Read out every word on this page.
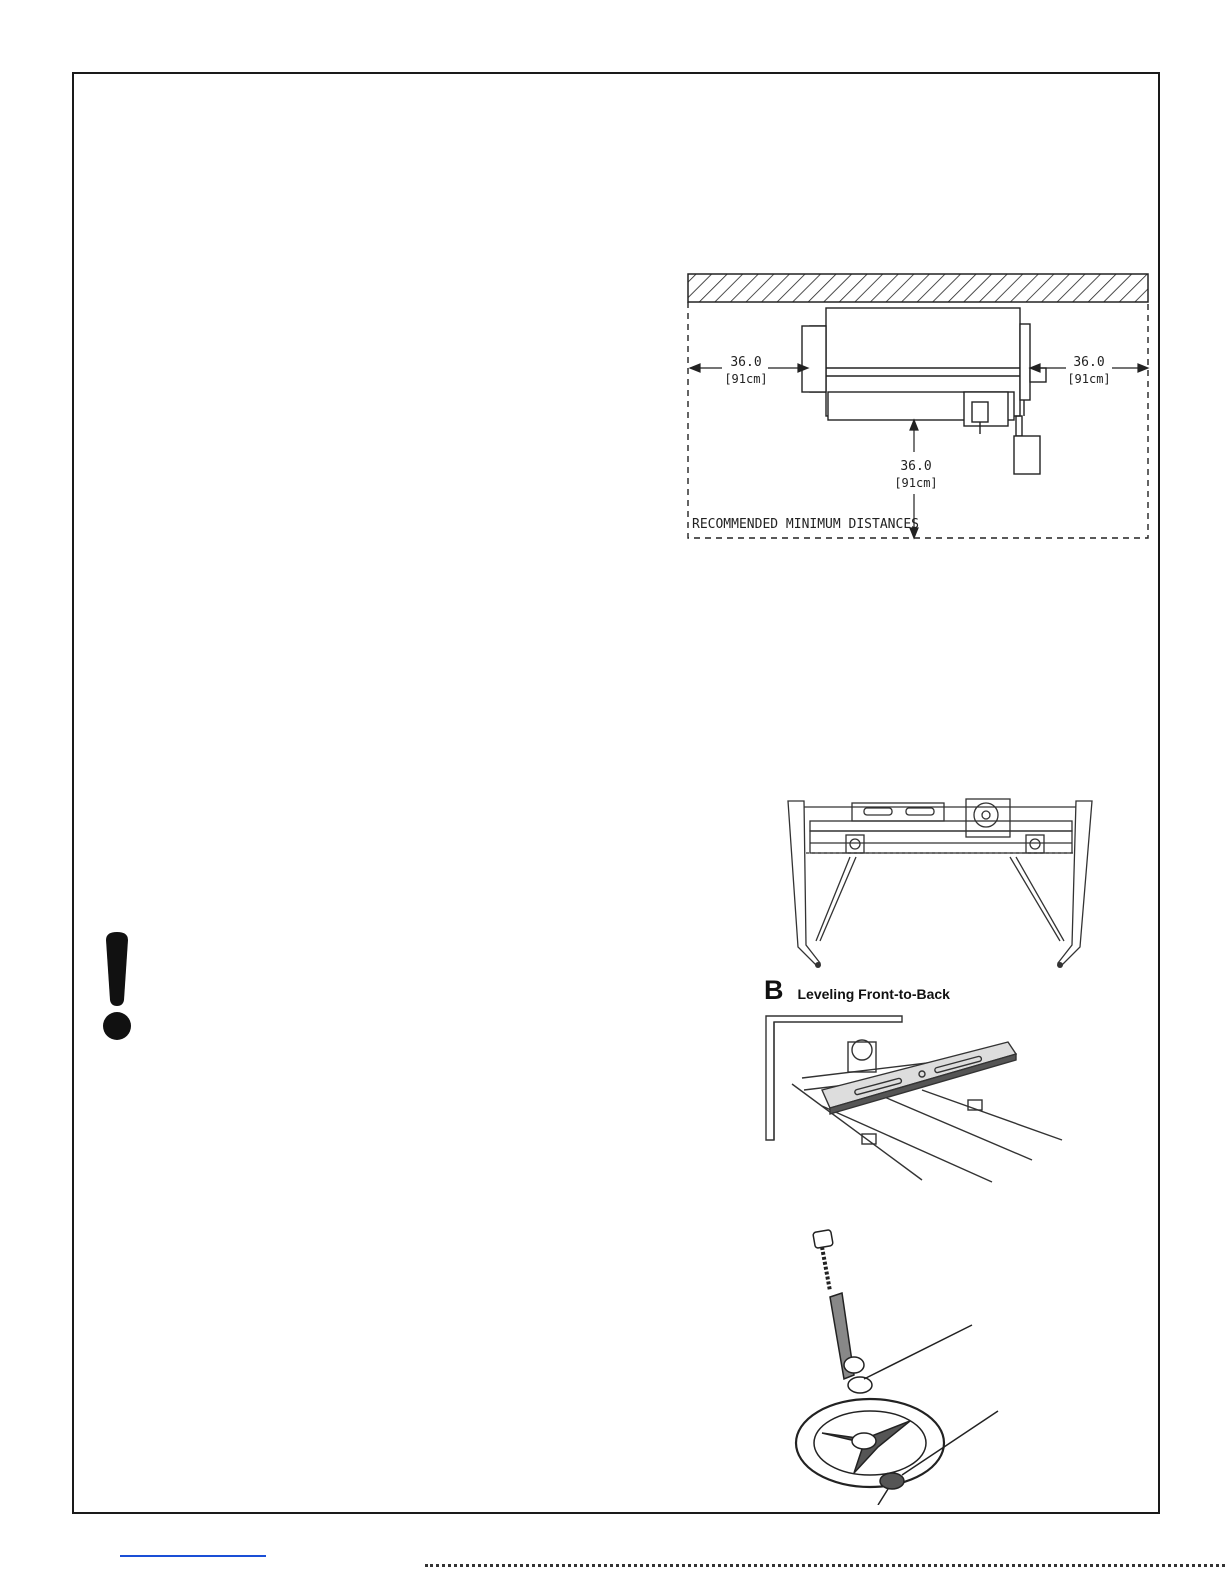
36.0
[91cm]
36.0
[91cm]
36.0
[91cm]
RECOMMENDED MINIMUM DISTANCES
B Leveling Front-to-Back
